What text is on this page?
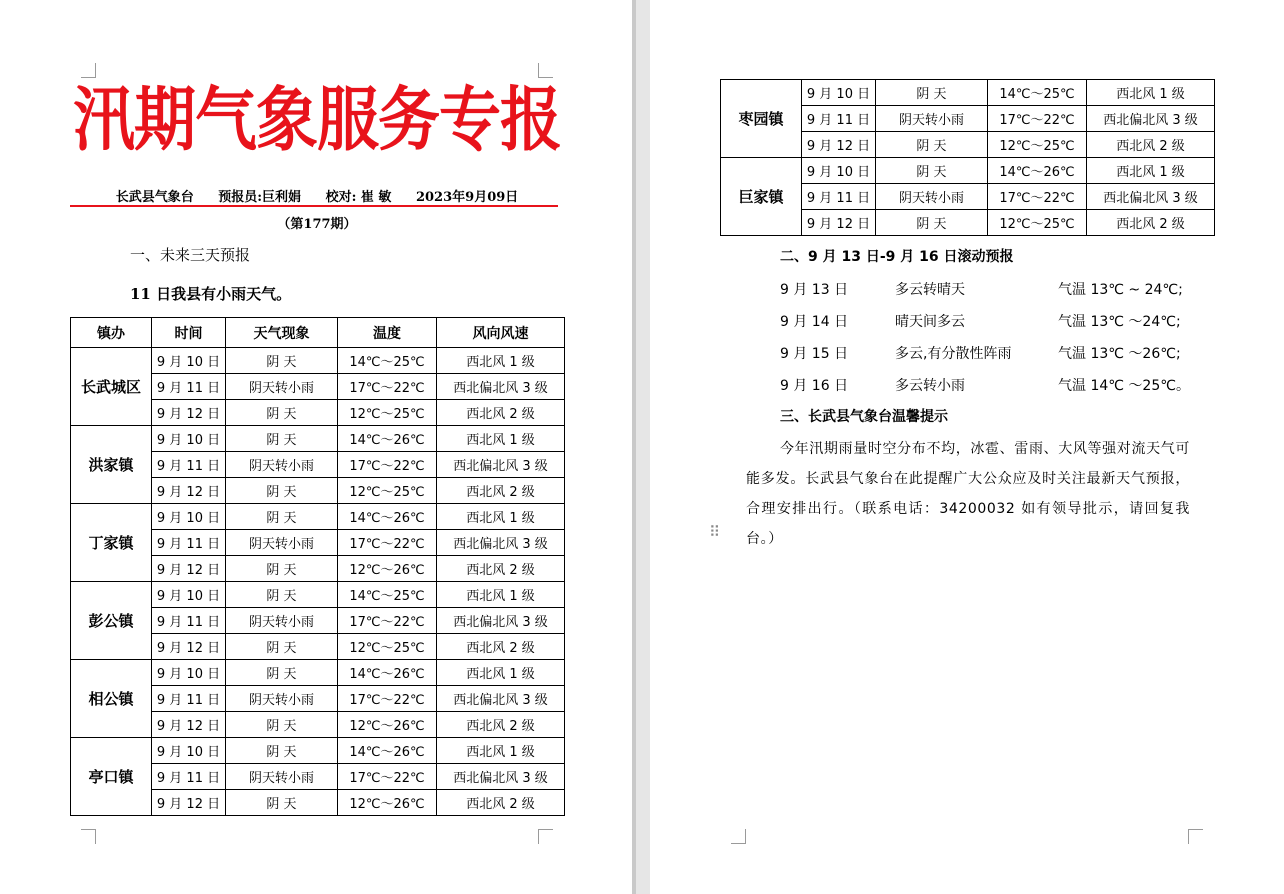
汛期气象服务专报
长武县气象台 预报员:巨利娟 校对: 崔 敏 2023年9月09日
（第177期）
一、未来三天预报
11 日我县有小雨天气。
镇办	时间	天气现象	温度	风向风速
长武城区	9 月 10 日	阴 天	14℃～25℃	西北风 1 级
	9 月 11 日	阴天转小雨	17℃～22℃	西北偏北风 3 级
	9 月 12 日	阴 天	12℃～25℃	西北风 2 级
洪家镇	9 月 10 日	阴 天	14℃～26℃	西北风 1 级
	9 月 11 日	阴天转小雨	17℃～22℃	西北偏北风 3 级
	9 月 12 日	阴 天	12℃～25℃	西北风 2 级
丁家镇	9 月 10 日	阴 天	14℃～26℃	西北风 1 级
	9 月 11 日	阴天转小雨	17℃～22℃	西北偏北风 3 级
	9 月 12 日	阴 天	12℃～26℃	西北风 2 级
彭公镇	9 月 10 日	阴 天	14℃～25℃	西北风 1 级
	9 月 11 日	阴天转小雨	17℃～22℃	西北偏北风 3 级
	9 月 12 日	阴 天	12℃～25℃	西北风 2 级
相公镇	9 月 10 日	阴 天	14℃～26℃	西北风 1 级
	9 月 11 日	阴天转小雨	17℃～22℃	西北偏北风 3 级
	9 月 12 日	阴 天	12℃～26℃	西北风 2 级
亭口镇	9 月 10 日	阴 天	14℃～26℃	西北风 1 级
	9 月 11 日	阴天转小雨	17℃～22℃	西北偏北风 3 级
	9 月 12 日	阴 天	12℃～26℃	西北风 2 级
枣园镇	9 月 10 日	阴 天	14℃～25℃	西北风 1 级
	9 月 11 日	阴天转小雨	17℃～22℃	西北偏北风 3 级
	9 月 12 日	阴 天	12℃～25℃	西北风 2 级
巨家镇	9 月 10 日	阴 天	14℃～26℃	西北风 1 级
	9 月 11 日	阴天转小雨	17℃～22℃	西北偏北风 3 级
	9 月 12 日	阴 天	12℃～25℃	西北风 2 级
二、9 月 13 日-9 月 16 日滚动预报
9 月 13 日	多云转晴天	气温 13℃ ~ 24℃;
9 月 14 日	晴天间多云	气温 13℃ ～24℃;
9 月 15 日	多云,有分散性阵雨	气温 13℃ ～26℃;
9 月 16 日	多云转小雨	气温 14℃ ～25℃。
三、长武县气象台温馨提示
今年汛期雨量时空分布不均，冰雹、雷雨、大风等强对流天气可能多发。长武县气象台在此提醒广大公众应及时关注最新天气预报，合理安排出行。（联系电话：34200032 如有领导批示，请回复我台。）
⠿
